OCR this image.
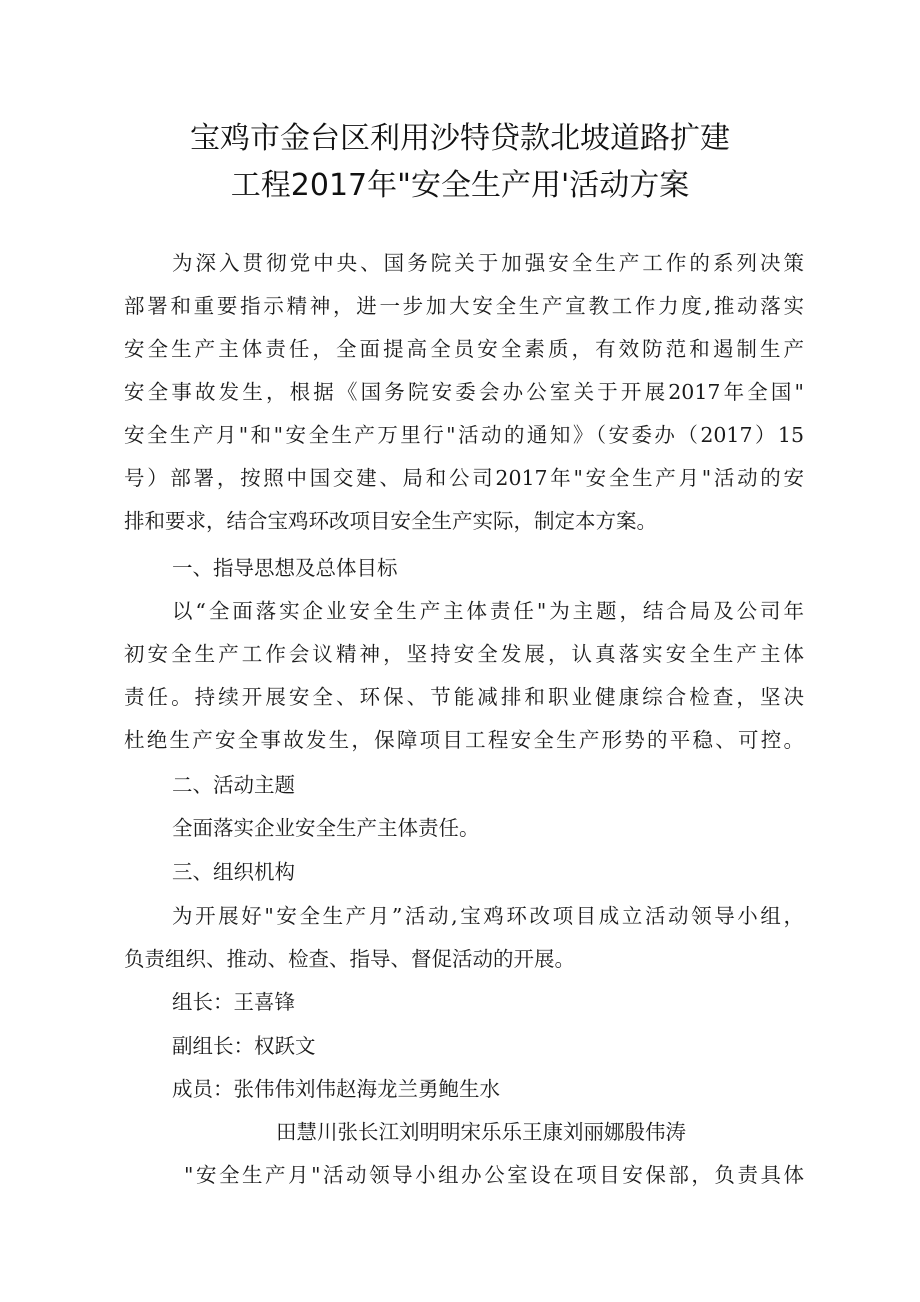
宝鸡市金台区利用沙特贷款北坡道路扩建
工程2017年"安全生产用'活动方案
为深入贯彻党中央、国务院关于加强安全生产工作的系列决策
部署和重要指示精神，进一步加大安全生产宣教工作力度,推动落实
安全生产主体责任，全面提高全员安全素质，有效防范和遏制生产
安全事故发生，根据《国务院安委会办公室关于开展2017年全国"
安全生产月"和"安全生产万里行"活动的通知》（安委办（2017）15
号）部署，按照中国交建、局和公司2017年"安全生产月"活动的安
排和要求，结合宝鸡环改项目安全生产实际，制定本方案。
一、指导思想及总体目标
以“全面落实企业安全生产主体责任"为主题，结合局及公司年
初安全生产工作会议精神，坚持安全发展，认真落实安全生产主体
责任。持续开展安全、环保、节能减排和职业健康综合检查，坚决
杜绝生产安全事故发生，保障项目工程安全生产形势的平稳、可控。
二、活动主题
全面落实企业安全生产主体责任。
三、组织机构
为开展好"安全生产月”活动,宝鸡环改项目成立活动领导小组，
负责组织、推动、检查、指导、督促活动的开展。
组长：王喜锋
副组长：权跃文
成员：张伟伟刘伟赵海龙兰勇鲍生水
田慧川张长江刘明明宋乐乐王康刘丽娜殷伟涛
"安全生产月"活动领导小组办公室设在项目安保部，负责具体
